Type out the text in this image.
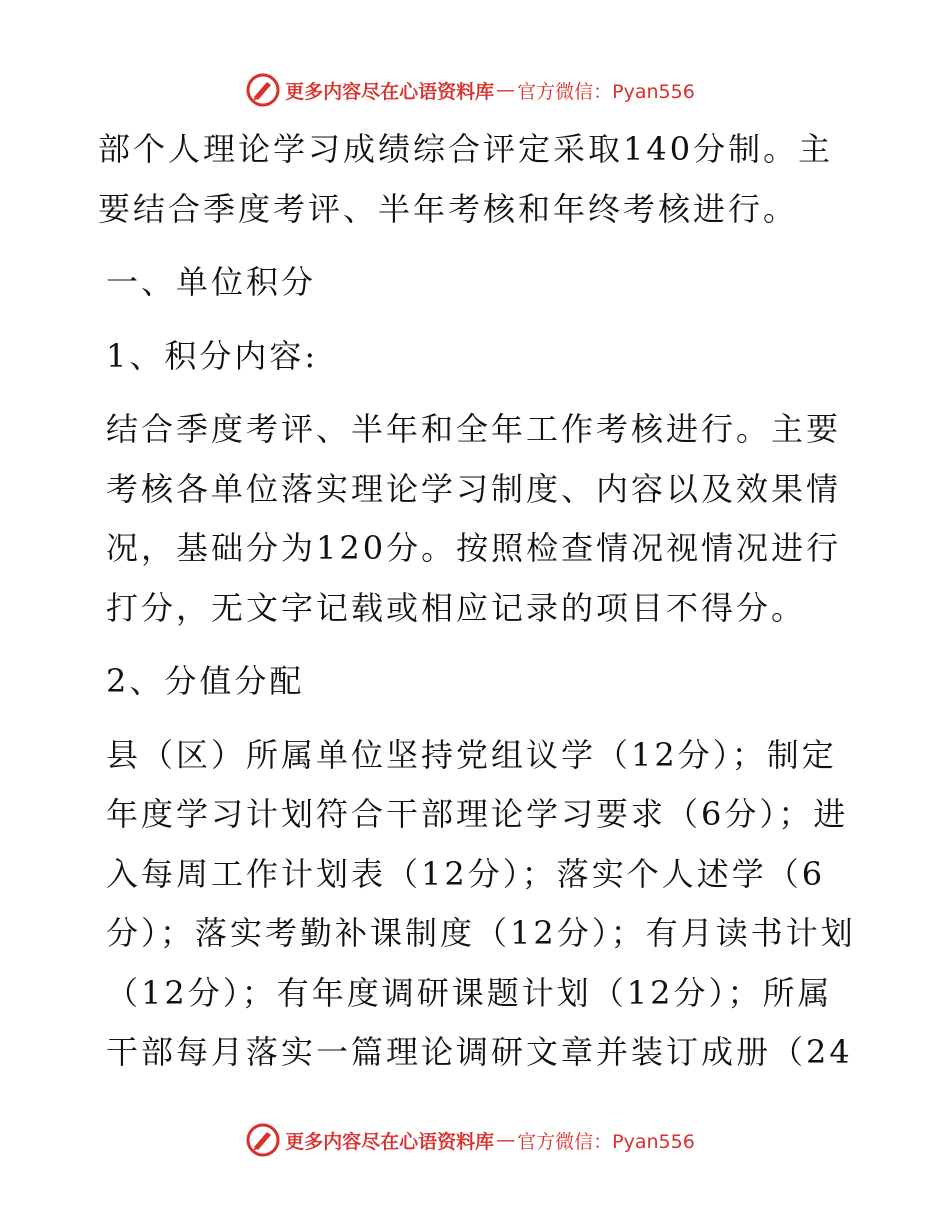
更多内容尽在心语资料库 — 官方微信：Pyan556

部个人理论学习成绩综合评定采取140分制。主要结合季度考评、半年考核和年终考核进行。

一、单位积分

1、积分内容:

结合季度考评、半年和全年工作考核进行。主要考核各单位落实理论学习制度、内容以及效果情况，基础分为120分。按照检查情况视情况进行打分，无文字记载或相应记录的项目不得分。

2、分值分配

县（区）所属单位坚持党组议学（12分）；制定年度学习计划符合干部理论学习要求（6分）；进入每周工作计划表（12分）；落实个人述学（6分）；落实考勤补课制度（12分）；有月读书计划（12分）；有年度调研课题计划（12分）；所属干部每月落实一篇理论调研文章并装订成册（24

更多内容尽在心语资料库 — 官方微信：Pyan556
